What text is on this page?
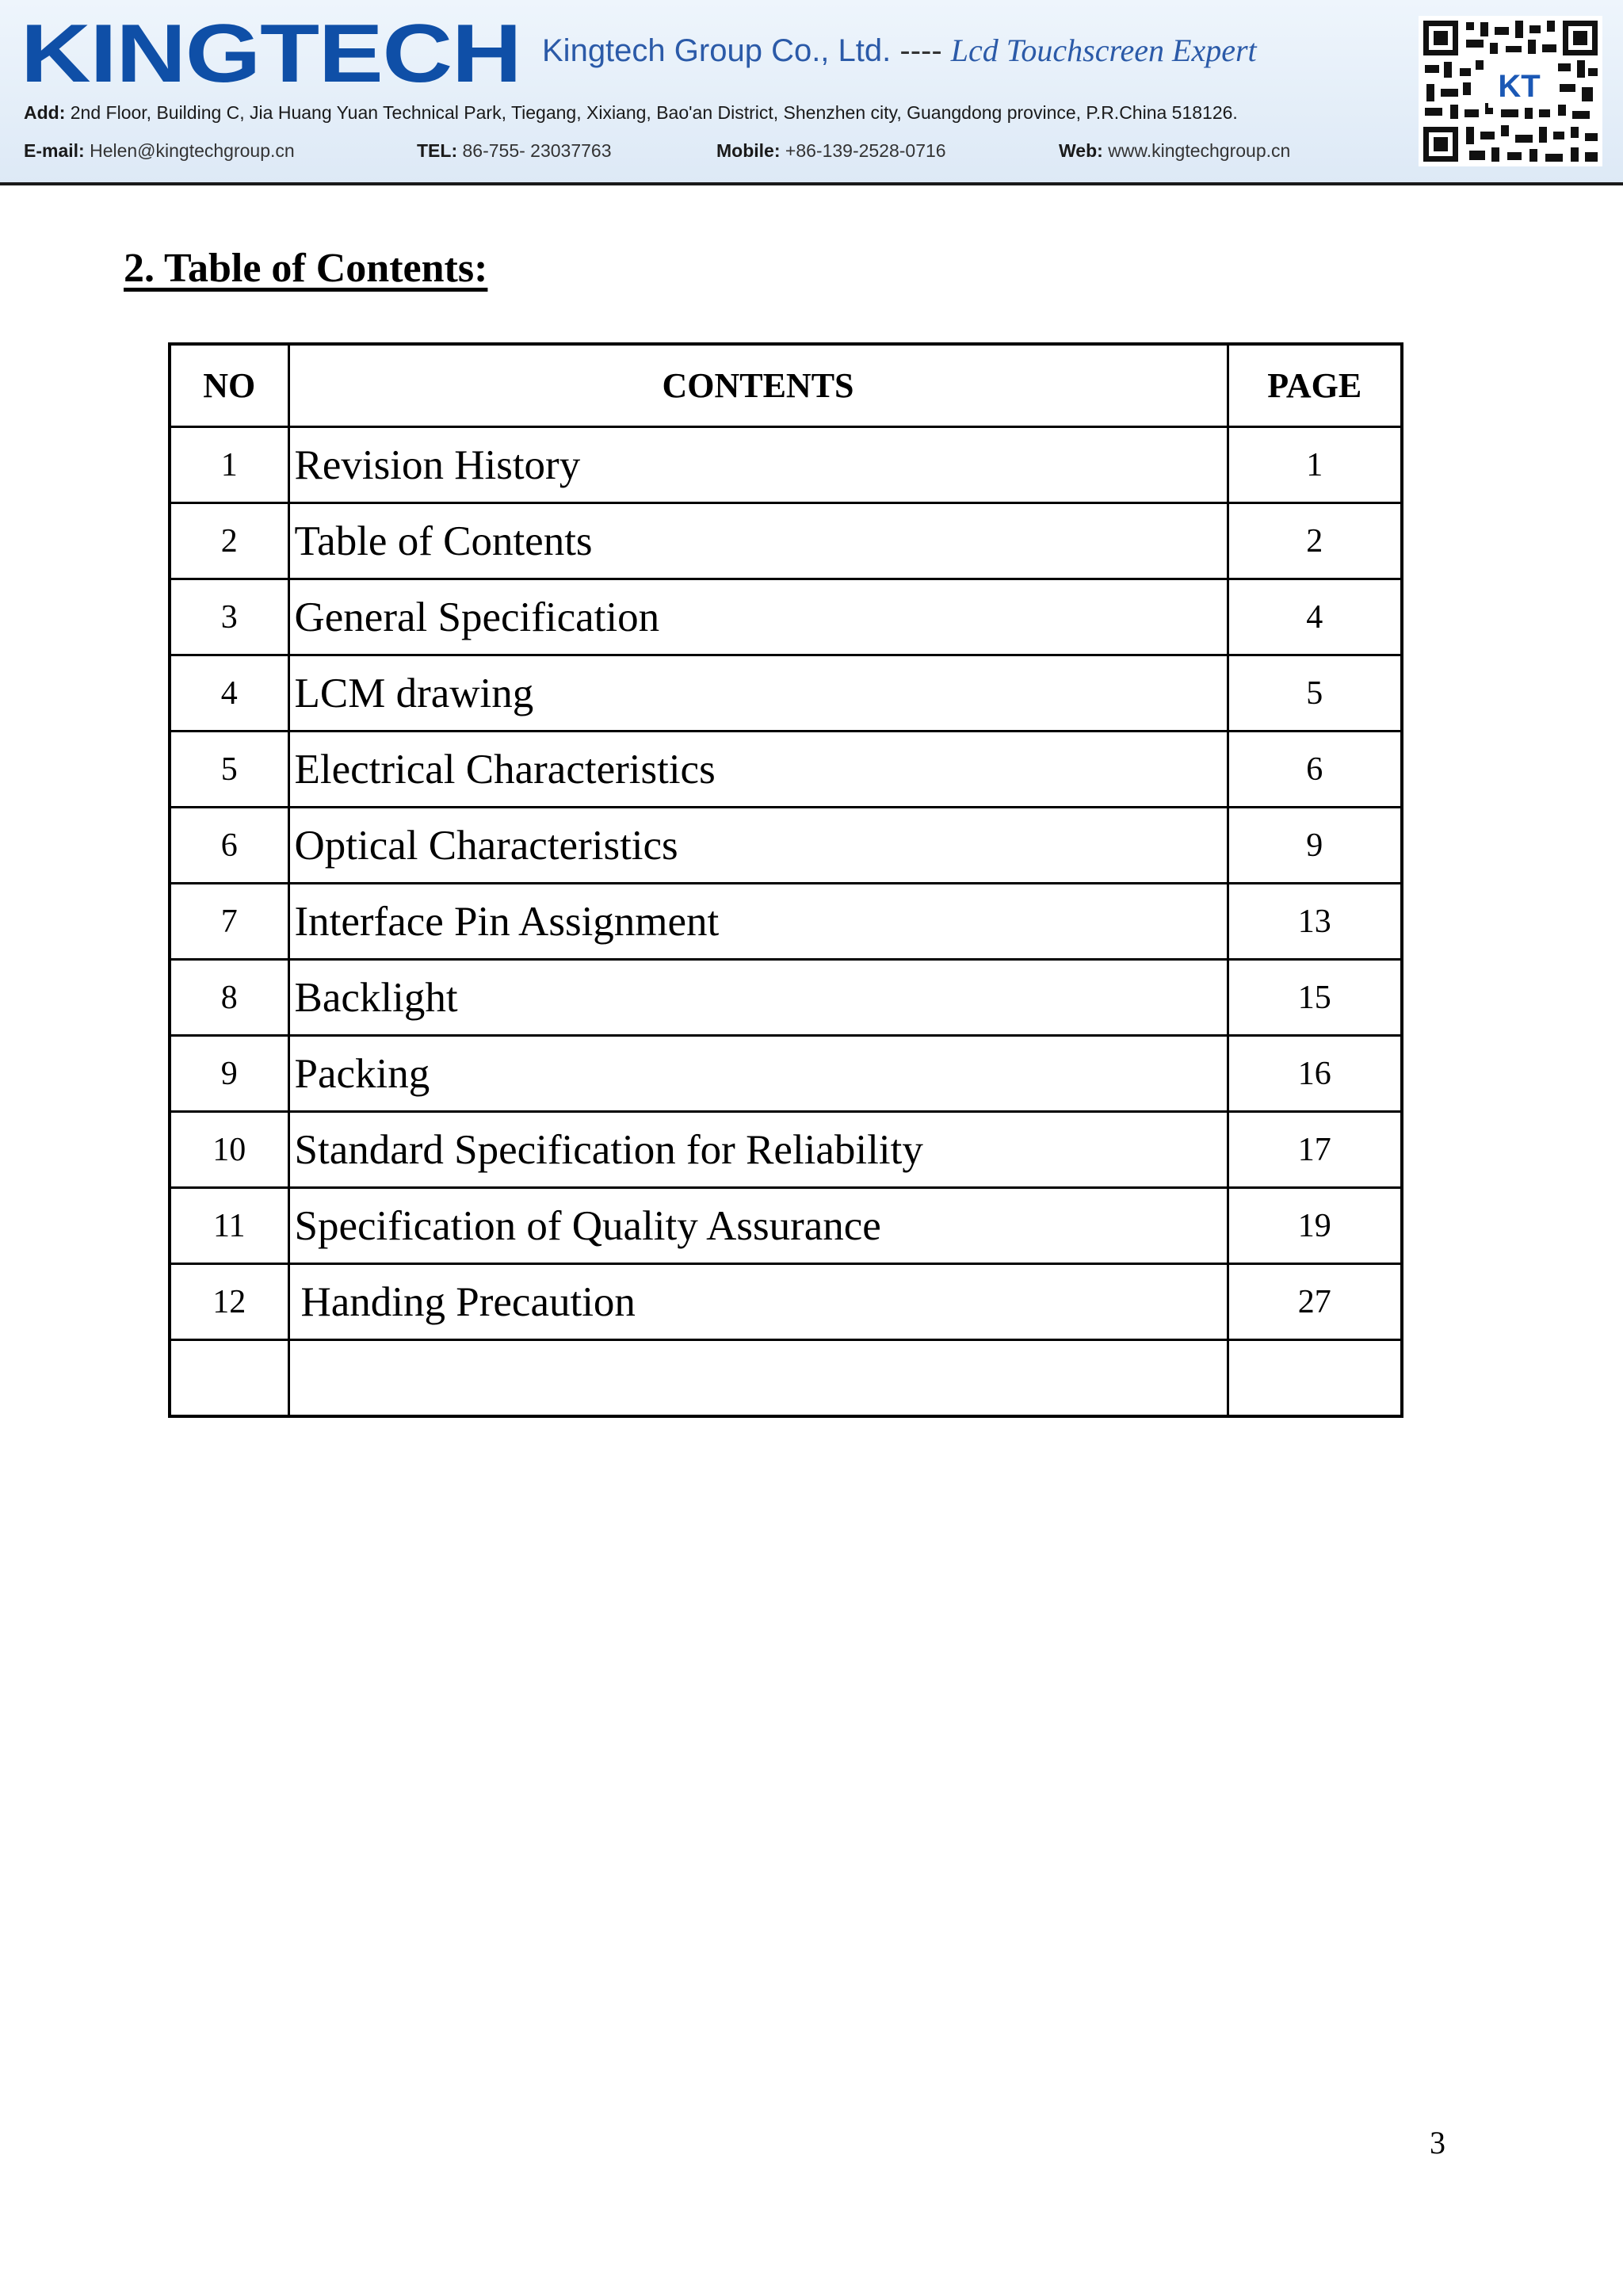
KINGTECH Kingtech Group Co., Ltd. ---- Lcd Touchscreen Expert
Add: 2nd Floor, Building C, Jia Huang Yuan Technical Park, Tiegang, Xixiang, Bao'an District, Shenzhen city, Guangdong province, P.R.China 518126.
E-mail: Helen@kingtechgroup.cn	TEL: 86-755- 23037763	Mobile: +86-139-2528-0716	Web: www.kingtechgroup.cn
KT
2. Table of Contents:
NO	CONTENTS	PAGE
1	Revision History	1
2	Table of Contents	2
3	General Specification	4
4	LCM drawing	5
5	Electrical Characteristics	6
6	Optical Characteristics	9
7	Interface Pin Assignment	13
8	Backlight	15
9	Packing	16
10	Standard Specification for Reliability	17
11	Specification of Quality Assurance	19
12	Handing Precaution	27

3
